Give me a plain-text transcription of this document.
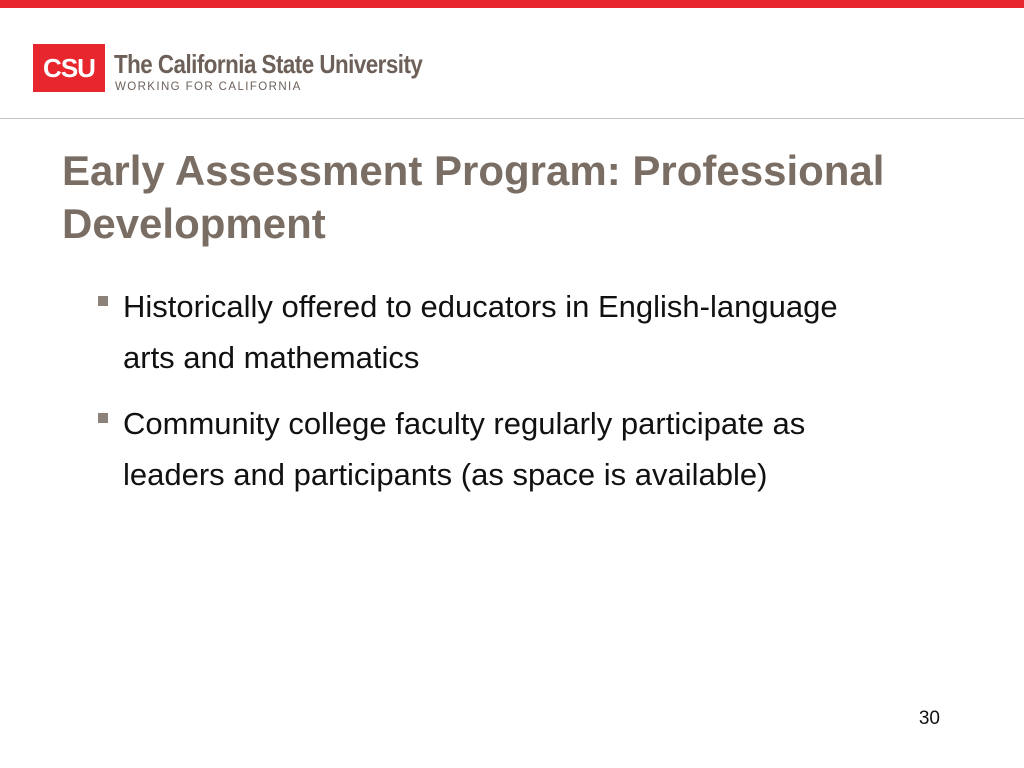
CSU The California State University
WORKING FOR CALIFORNIA
Early Assessment Program: Professional Development
Historically offered to educators in English-language arts and mathematics
Community college faculty regularly participate as leaders and participants (as space is available)
30
